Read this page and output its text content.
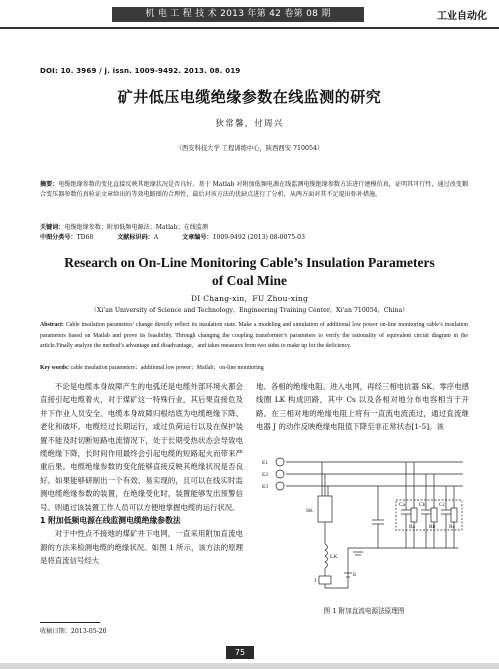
机 电 工 程 技 术 2013 年第 42 卷第 08 期	工业自动化
DOI: 10. 3969 / j. issn. 1009-9492. 2013. 08. 019
矿井低压电缆绝缘参数在线监测的研究
狄常馨，付周兴
（西安科技大学 工程训练中心，陕西西安 710054）
摘要：电缆绝缘参数的变化直接反映其绝缘状况是否良好。基于 Matlab 对附加低频电源在线监测电缆绝缘参数方法进行建模仿真，证明其可行性，通过改变耦合变压器参数仿真验证文章给出的等效电路图的合理性，最后对该方法的优缺点进行了分析，从两方面对其不足提出弥补措施。
关键词：电缆绝缘参数；附加低频电源法；Matlab；在线监测
中图分类号：TD68	文献标识码：A	文章编号：1009-9492 (2013) 08-0075-03
Research on On-Line Monitoring Cable’s Insulation Parameters
of Coal Mine
DI Chang-xin，FU Zhou-xing
（Xi’an University of Science and Technology，Engineering Training Center，Xi’an 710054，China）
Abstract: Cable insulation parameters’ change directly reflect its insulation state. Make a modeling and simulation of additional low power on-line monitoring cable’s insulation parameters based on Matlab and prove its feasibility. Through changing the coupling transformer’s parameters to verify the rationality of equivalent circuit diagram in the article.Finally analyze the method’s advantage and disadvantage，and takes measures from two sides to make up for the deficiency.
Key words: cable insulation parameters；additional low power；Matlab；on-line monitoring

不论是电缆本身故障产生的电弧还是电缆外部环境火都会直接引起电缆着火，对于煤矿这一特殊行业，其后果直接危及井下作业人员安全。电缆本身故障归根结底为电缆绝缘下降、老化和破坏。电缆经过长期运行，或过负荷运行以及在保护装置不能及时切断短路电流情况下，处于长期受热状态会导致电缆绝缘下降，长时间作用最终会引起电缆的短路起火而带来严重后果。电缆绝缘参数的变化能够直接反映其绝缘状况是否良好。如果能够研制出一个有效、易实现的，且可以在线实时监测电缆绝缘参数的装置，在绝缘受化时，装置能够发出预警信号。则通过该装置工作人员可以方便地掌握电缆的运行状况。

1 附加低频电源在线监测电缆绝缘参数法

对于中性点不接地的煤矿井下电网，一直采用附加直流电源的方法来检测电缆的绝缘状况。如图 1 所示，该方法的原理是将直流信号经大

地、各相的绝缘电阻、进入电网，再经三相电抗器 SK、零序电感线圈 LK 构成回路，其中 Cs 以及各相对地分布电容相当于开路。在三相对地的绝缘电阻上将有一直流电流流过，通过直流继电器 J 的动作反映绝缘电阻值下降至非正常状态[1-5]。该
E1
E2
E3
SK
Ca	Cb Cc
Ra	Rb Rc
LK
J
E
图 1 附加直流电源法原理图
收稿日期：2013-05-20
75
